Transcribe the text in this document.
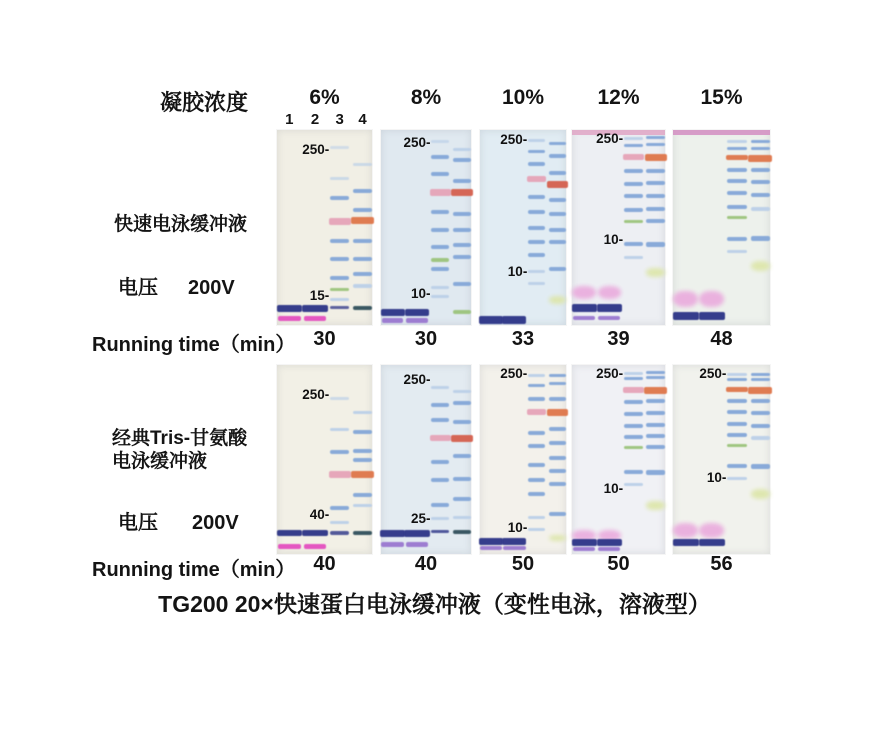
凝胶浓度	6%	8%	10%	12%	15%
1	2	3 4
快速电泳缓冲液
电压 200V
Running time（min）
经典Tris-甘氨酸
电泳缓冲液
电压 200V
Running time（min）
250-
15-
250-
10-
250-
10-
250-
10-
30	30	33	39	48
250-
40-
250-
25-
250-
10-
250-
10-
250-
10-
40	40	50	50	56
TG200 20×快速蛋白电泳缓冲液（变性电泳，溶液型）
